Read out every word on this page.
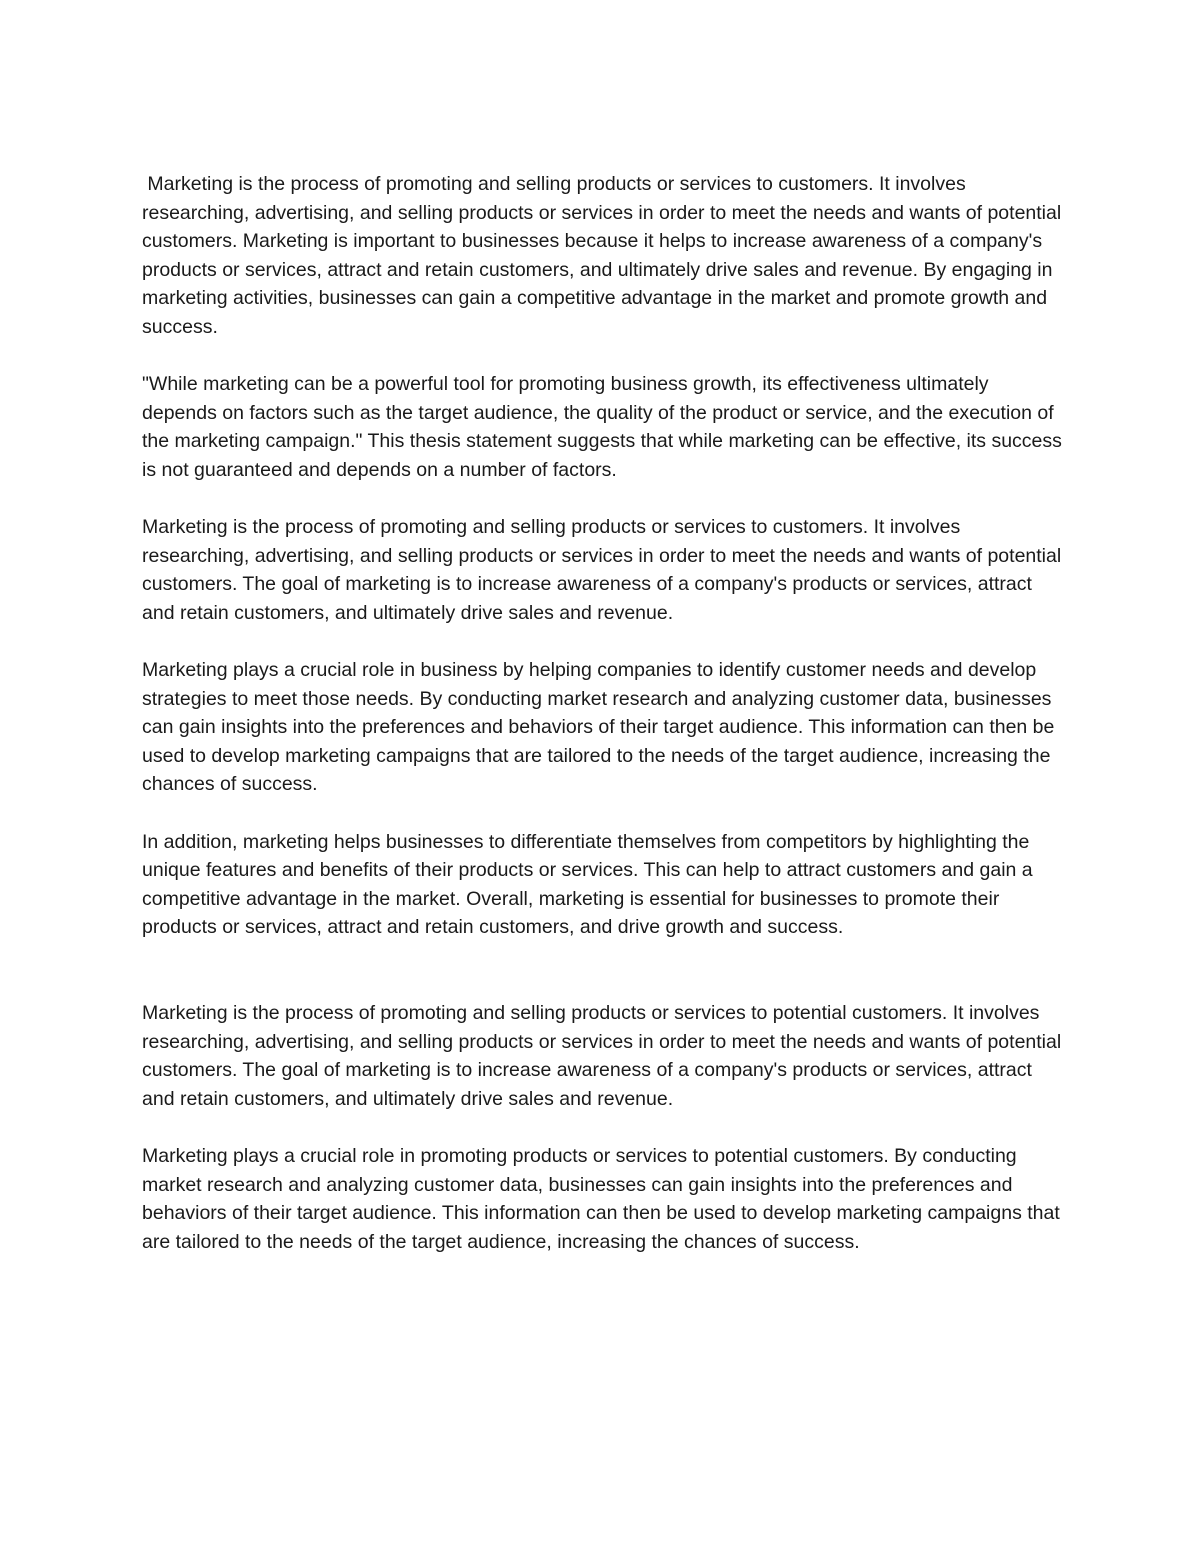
Marketing is the process of promoting and selling products or services to customers. It involves researching, advertising, and selling products or services in order to meet the needs and wants of potential customers. Marketing is important to businesses because it helps to increase awareness of a company's products or services, attract and retain customers, and ultimately drive sales and revenue. By engaging in marketing activities, businesses can gain a competitive advantage in the market and promote growth and success.

"While marketing can be a powerful tool for promoting business growth, its effectiveness ultimately depends on factors such as the target audience, the quality of the product or service, and the execution of the marketing campaign." This thesis statement suggests that while marketing can be effective, its success is not guaranteed and depends on a number of factors.

Marketing is the process of promoting and selling products or services to customers. It involves researching, advertising, and selling products or services in order to meet the needs and wants of potential customers. The goal of marketing is to increase awareness of a company's products or services, attract and retain customers, and ultimately drive sales and revenue.

Marketing plays a crucial role in business by helping companies to identify customer needs and develop strategies to meet those needs. By conducting market research and analyzing customer data, businesses can gain insights into the preferences and behaviors of their target audience. This information can then be used to develop marketing campaigns that are tailored to the needs of the target audience, increasing the chances of success.

In addition, marketing helps businesses to differentiate themselves from competitors by highlighting the unique features and benefits of their products or services. This can help to attract customers and gain a competitive advantage in the market. Overall, marketing is essential for businesses to promote their products or services, attract and retain customers, and drive growth and success.

Marketing is the process of promoting and selling products or services to potential customers. It involves researching, advertising, and selling products or services in order to meet the needs and wants of potential customers. The goal of marketing is to increase awareness of a company's products or services, attract and retain customers, and ultimately drive sales and revenue.

Marketing plays a crucial role in promoting products or services to potential customers. By conducting market research and analyzing customer data, businesses can gain insights into the preferences and behaviors of their target audience. This information can then be used to develop marketing campaigns that are tailored to the needs of the target audience, increasing the chances of success.
